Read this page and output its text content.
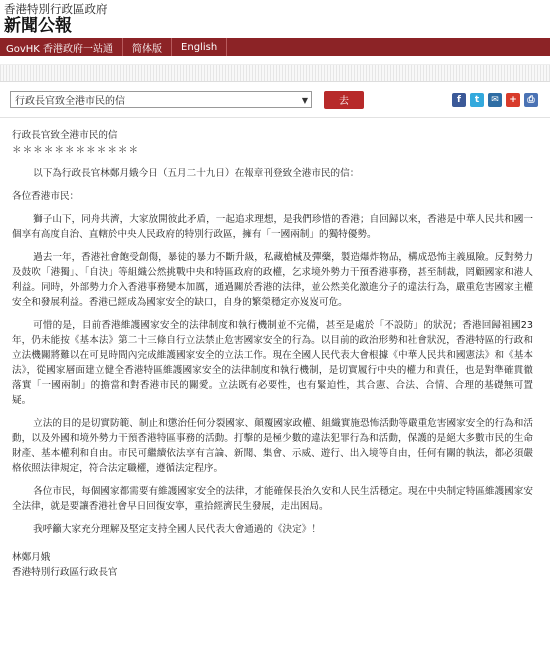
香港特別行政區政府
新聞公報
GovHK 香港政府一站通	简体版	English
行政長官致全港市民的信	▼	去	f	t	✉	+	⎙
行政長官致全港市民的信
＊＊＊＊＊＊＊＊＊＊＊＊
以下為行政長官林鄭月娥今日（五月二十九日）在報章刊登致全港市民的信：
各位香港市民：
獅子山下，同舟共濟，大家放開彼此矛盾，一起追求理想，是我們珍惜的香港；自回歸以來，香港是中華人民共和國一個享有高度自治、直轄於中央人民政府的特別行政區，擁有「一國兩制」的獨特優勢。
過去一年，香港社會飽受創傷，暴徒的暴力不斷升級，私藏槍械及彈藥，製造爆炸物品，構成恐怖主義風險。反對勢力及鼓吹「港獨」、「自決」等組織公然挑戰中央和特區政府的政權，乞求境外勢力干預香港事務，甚至制裁，罔顧國家和港人利益。同時，外部勢力介入香港事務變本加厲，通過關於香港的法律，並公然美化激進分子的違法行為，嚴重危害國家主權安全和發展利益。香港已經成為國家安全的缺口，自身的繁榮穩定亦岌岌可危。
可惜的是，目前香港維護國家安全的法律制度和執行機制並不完備，甚至是處於「不設防」的狀況；香港回歸祖國23年，仍未能按《基本法》第二十三條自行立法禁止危害國家安全的行為。以目前的政治形勢和社會狀況，香港特區的行政和立法機關將難以在可見時間內完成維護國家安全的立法工作。現在全國人民代表大會根據《中華人民共和國憲法》和《基本法》，從國家層面建立健全香港特區維護國家安全的法律制度和執行機制，是切實履行中央的權力和責任，也是對準確貫徹落實「一國兩制」的擔當和對香港市民的關愛。立法既有必要性，也有緊迫性，其合憲、合法、合情、合理的基礎無可置疑。
立法的目的是切實防範、制止和懲治任何分裂國家、顛覆國家政權、組織實施恐怖活動等嚴重危害國家安全的行為和活動，以及外國和境外勢力干預香港特區事務的活動。打擊的是極少數的違法犯罪行為和活動，保護的是絕大多數市民的生命財產、基本權利和自由。市民可繼續依法享有言論、新聞、集會、示威、遊行、出入境等自由，任何有關的執法，都必須嚴格依照法律規定，符合法定職權，遵循法定程序。
各位市民，每個國家都需要有維護國家安全的法律，才能確保長治久安和人民生活穩定。現在中央制定特區維護國家安全法律，就是要讓香港社會早日回復安寧，重拾經濟民生發展，走出困局。
我呼籲大家充分理解及堅定支持全國人民代表大會通過的《決定》！
林鄭月娥
香港特別行政區行政長官
